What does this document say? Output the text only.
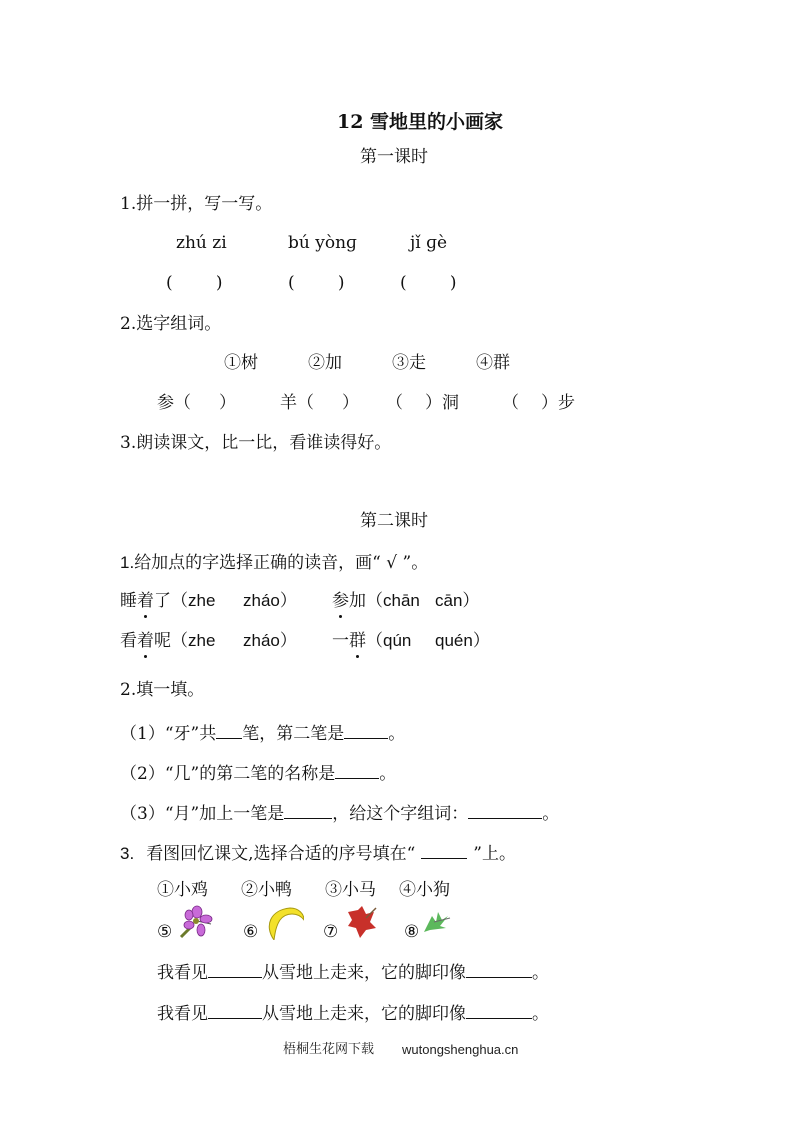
12 雪地里的小画家
第一课时
1.拼一拼，写一写。
zhú zi	bú yònɡ	jǐ ɡè
(        )	(        )	(        )
2.选字组词。
①树	②加	③走	④群
参（ ）	羊（ ） （ ）洞	（ ）步
3.朗读课文，比一比，看谁读得好。
第二课时
1.给加点的字选择正确的读音，画“ √ ”。
睡着了（zhe zháo） 参加（chān cān）
看着呢（zhe zháo） 一群（qún quén）
2.填一填。
（1）“牙”共 笔，第二笔是	。
（2）“几”的第二笔的名称是	。
（3）“月”加上一笔是	，给这个字组词：	。
3. 看图回忆课文,选择合适的序号填在“	”上。
①小鸡 ②小鸭 ③小马 ④小狗
⑤	⑥	⑦	⑧
我看见	从雪地上走来，它的脚印像	。
我看见	从雪地上走来，它的脚印像	。
梧桐生花网下载 wutongshenghua.cn
